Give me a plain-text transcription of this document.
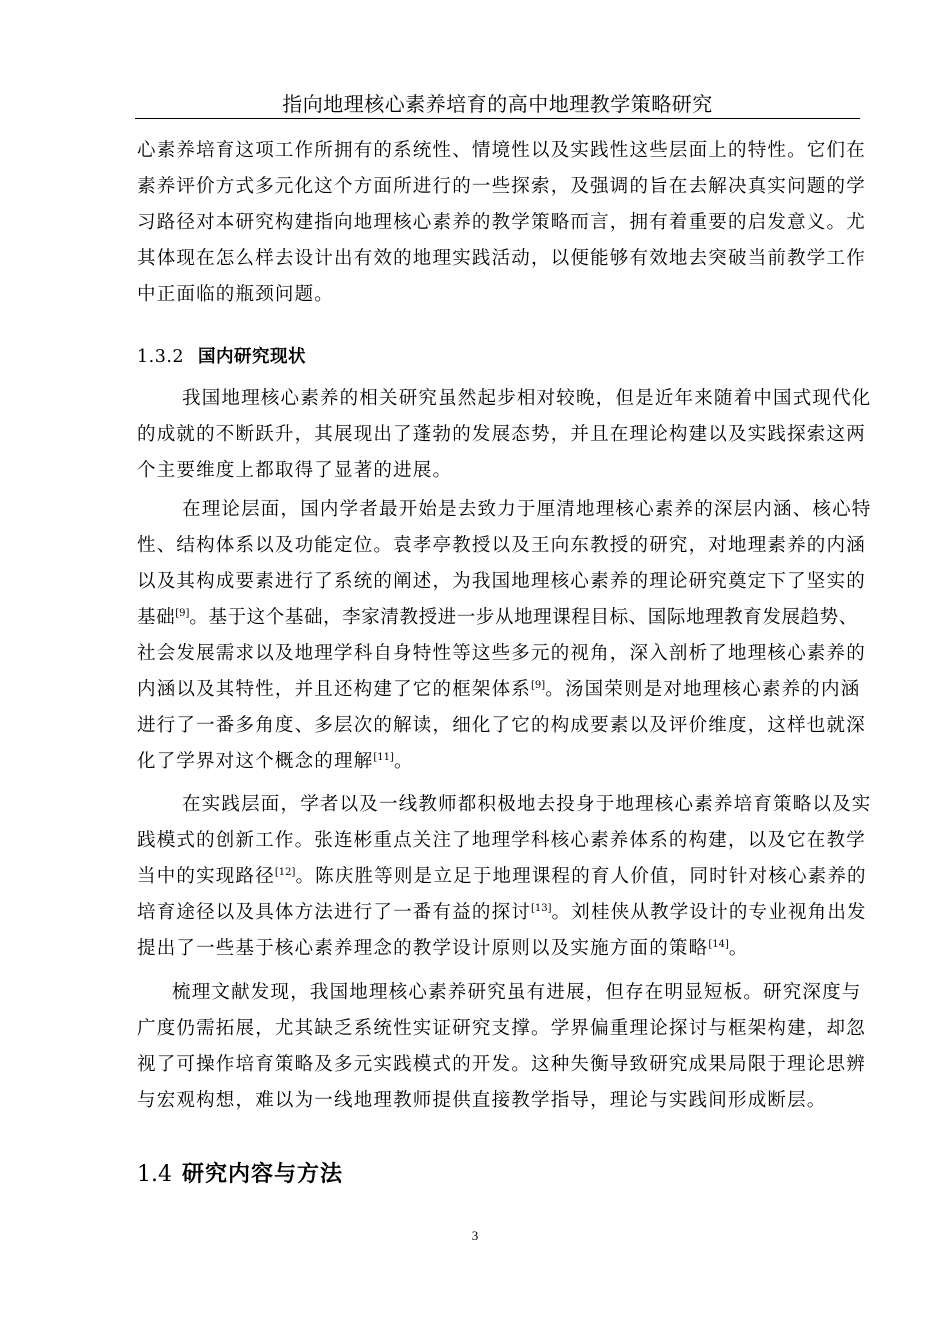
指向地理核心素养培育的高中地理教学策略研究
心素养培育这项工作所拥有的系统性、情境性以及实践性这些层面上的特性。它们在
素养评价方式多元化这个方面所进行的一些探索，及强调的旨在去解决真实问题的学
习路径对本研究构建指向地理核心素养的教学策略而言，拥有着重要的启发意义。尤
其体现在怎么样去设计出有效的地理实践活动，以便能够有效地去突破当前教学工作
中正面临的瓶颈问题。
1.3.2 国内研究现状
我国地理核心素养的相关研究虽然起步相对较晚，但是近年来随着中国式现代化
的成就的不断跃升，其展现出了蓬勃的发展态势，并且在理论构建以及实践探索这两
个主要维度上都取得了显著的进展。
在理论层面，国内学者最开始是去致力于厘清地理核心素养的深层内涵、核心特
性、结构体系以及功能定位。袁孝亭教授以及王向东教授的研究，对地理素养的内涵
以及其构成要素进行了系统的阐述，为我国地理核心素养的理论研究奠定下了坚实的
基础[9]。基于这个基础，李家清教授进一步从地理课程目标、国际地理教育发展趋势、
社会发展需求以及地理学科自身特性等这些多元的视角，深入剖析了地理核心素养的
内涵以及其特性，并且还构建了它的框架体系[9]。汤国荣则是对地理核心素养的内涵
进行了一番多角度、多层次的解读，细化了它的构成要素以及评价维度，这样也就深
化了学界对这个概念的理解[11]。
在实践层面，学者以及一线教师都积极地去投身于地理核心素养培育策略以及实
践模式的创新工作。张连彬重点关注了地理学科核心素养体系的构建，以及它在教学
当中的实现路径[12]。陈庆胜等则是立足于地理课程的育人价值，同时针对核心素养的
培育途径以及具体方法进行了一番有益的探讨[13]。刘桂侠从教学设计的专业视角出发
提出了一些基于核心素养理念的教学设计原则以及实施方面的策略[14]。
梳理文献发现，我国地理核心素养研究虽有进展，但存在明显短板。研究深度与
广度仍需拓展，尤其缺乏系统性实证研究支撑。学界偏重理论探讨与框架构建，却忽
视了可操作培育策略及多元实践模式的开发。这种失衡导致研究成果局限于理论思辨
与宏观构想，难以为一线地理教师提供直接教学指导，理论与实践间形成断层。
1.4 研究内容与方法
3
